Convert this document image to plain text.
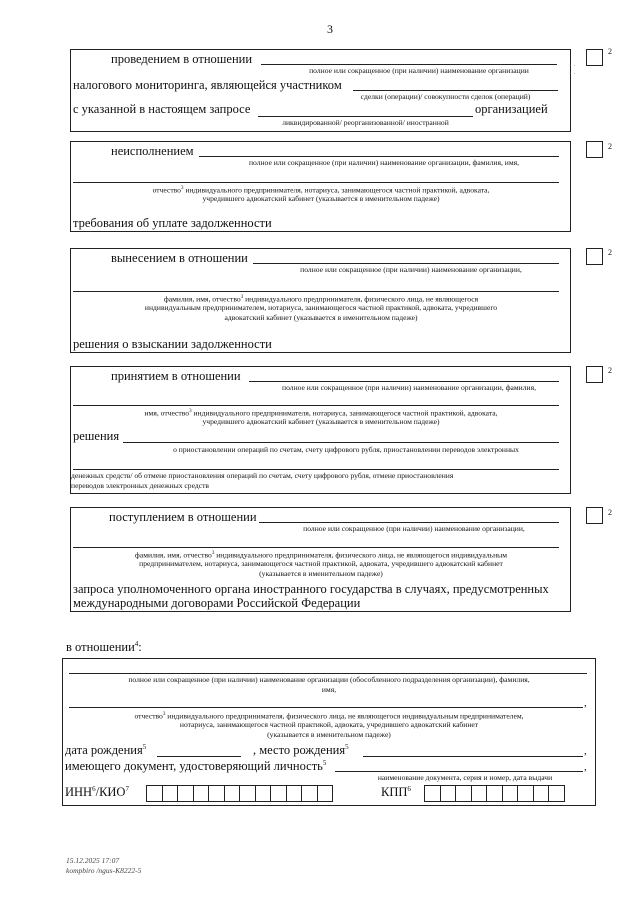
3
проведением в отношении
полное или сокращенное (при наличии) наименование организации
налогового мониторинга, являющейся участником
сделки (операции)/ совокупности сделок (операций)
с указанной в настоящем запросе	организацией
ликвидированной/ реорганизованной/ иностранной
2
· ·
· ·
неисполнением
полное или сокращенное (при наличии) наименование организации, фамилия, имя,
отчество$^3$ индивидуального предпринимателя, нотариуса, занимающегося частной практикой, адвоката,
учредившего адвокатский кабинет (указывается в именительном падеже)
требования об уплате задолженности
2
вынесением в отношении
полное или сокращенное (при наличии) наименование организации,
фамилия, имя, отчество$^3$ индивидуального предпринимателя, физического лица, не являющегося
индивидуальным предпринимателем, нотариуса, занимающегося частной практикой, адвоката, учредившего
адвокатский кабинет (указывается в именительном падеже)
решения о взыскании задолженности
2
принятием в отношении
полное или сокращенное (при наличии) наименование организации, фамилия,
имя, отчество$^3$ индивидуального предпринимателя, нотариуса, занимающегося частной практикой, адвоката,
учредившего адвокатский кабинет (указывается в именительном падеже)
решения
о приостановлении операций по счетам, счету цифрового рубля, приостановлении переводов электронных
денежных средств/ об отмене приостановления операций по счетам, счету цифрового рубля, отмене приостановления
переводов электронных денежных средств
2
поступлением в отношении
полное или сокращенное (при наличии) наименование организации,
фамилия, имя, отчество$^3$ индивидуального предпринимателя, физического лица, не являющегося индивидуальным
предпринимателем, нотариуса, занимающегося частной практикой, адвоката, учредившего адвокатский кабинет
(указывается в именительном падеже)
запроса уполномоченного органа иностранного государства в случаях, предусмотренных
международными договорами Российской Федерации
2
в отношении$^4$:
полное или сокращенное (при наличии) наименование организации (обособленного подразделения организации), фамилия,
имя,
,
отчество$^3$ индивидуального предпринимателя, физического лица, не являющегося индивидуальным предпринимателем,
нотариуса, занимающегося частной практикой, адвоката, учредившего адвокатский кабинет
(указывается в именительном падеже)
дата рождения$^5$	, место рождения$^5$	,
имеющего документ, удостоверяющий личность$^5$	,
наименование документа, серия и номер, дата выдачи
ИНН$^6$/КИО$^7$	КПП$^6$
15.12.2025 17:07
kompbiro /ngus-K8222-5
